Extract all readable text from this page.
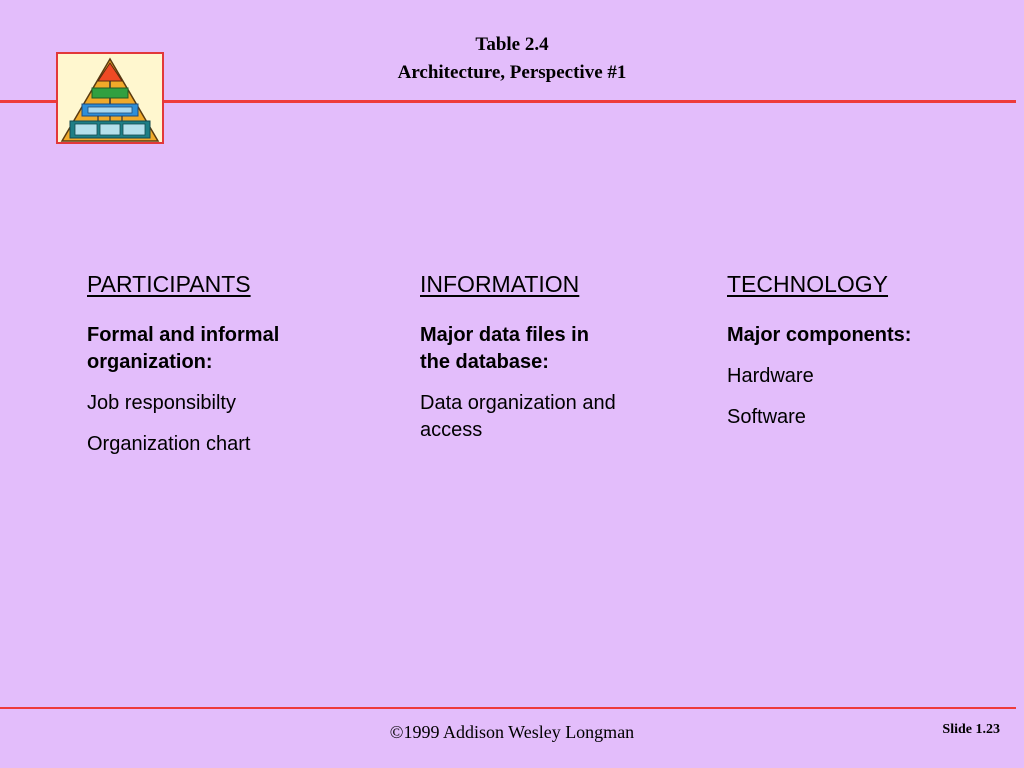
Table 2.4
Architecture, Perspective #1
PARTICIPANTS
Formal and informal organization:
Job responsibilty
Organization chart
INFORMATION
Major data files in the database:
Data organization and access
TECHNOLOGY
Major components:
Hardware
Software
©1999 Addison Wesley Longman	Slide 1.23
